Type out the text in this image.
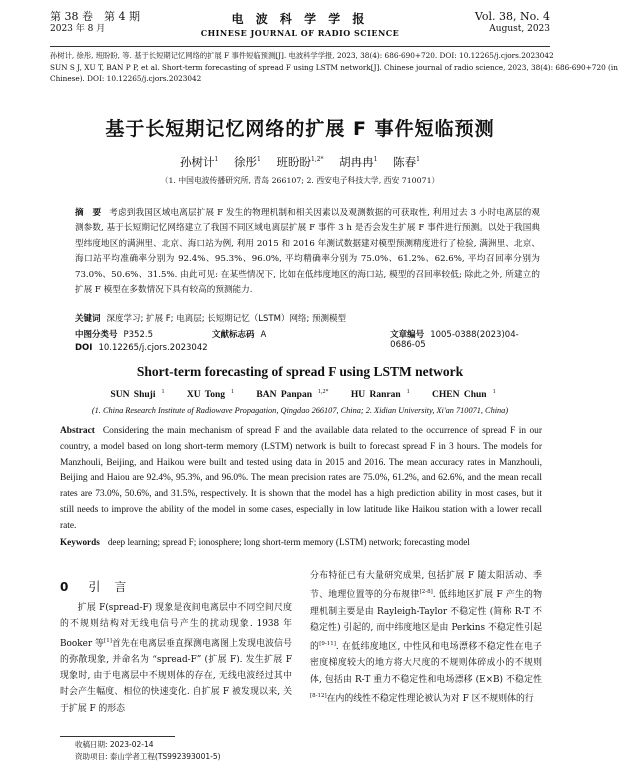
第 38 卷　第 4 期
2023 年 8 月
电 波 科 学 学 报
CHINESE JOURNAL OF RADIO SCIENCE
Vol. 38, No. 4
August, 2023
孙树计, 徐彤, 班盼盼, 等. 基于长短期记忆网络的扩展 F 事件短临预测[J]. 电波科学学报, 2023, 38(4): 686-690+720. DOI: 10.12265/j.cjors.2023042
SUN S J, XU T, BAN P P, et al. Short-term forecasting of spread F using LSTM network[J]. Chinese journal of radio science, 2023, 38(4): 686-690+720 (in
Chinese). DOI: 10.12265/j.cjors.2023042
基于长短期记忆网络的扩展 F 事件短临预测
孙树计$^1$ 徐彤$^1$ 班盼盼$^{1,2*}$ 胡冉冉$^1$ 陈春$^1$
（1. 中国电波传播研究所, 青岛 266107; 2. 西安电子科技大学, 西安 710071）
摘　要 考虑到我国区域电离层扩展 F 发生的物理机制和相关因素以及观测数据的可获取性, 利用过去 3 小时电离层的观测参数, 基于长短期记忆网络建立了我国不同区域电离层扩展 F 事件 3 h 是否会发生扩展 F 事件进行预测。以处于我国典型纬度地区的满洲里、北京、海口站为例, 利用 2015 和 2016 年测试数据建对模型预测精度进行了检验, 满洲里、北京、海口站平均准确率分别为 92.4%、95.3%、96.0%, 平均精确率分别为 75.0%、61.2%、62.6%, 平均召回率分别为 73.0%、50.6%、31.5%. 由此可见: 在某些情况下, 比如在低纬度地区的海口站, 模型的召回率较低; 除此之外, 所建立的扩展 F 模型在多数情况下具有较高的预测能力.
关键词 深度学习; 扩展 F; 电离层; 长短期记忆（LSTM）网络; 预测模型
中图分类号 P352.5	文献标志码 A	文章编号 1005-0388(2023)04-0686-05
DOI 10.12265/j.cjors.2023042
Short-term forecasting of spread F using LSTM network
SUN Shuji $^1$ XU Tong $^1$ BAN Panpan $^{1,2*}$ HU Ranran $^1$ CHEN Chun $^1$
(1. China Research Institute of Radiowave Propagation, Qingdao 266107, China; 2. Xidian University, Xi'an 710071, China)
Abstract Considering the main mechanism of spread F and the available data related to the occurrence of spread F in our country, a model based on long short-term memory (LSTM) network is built to forecast spread F in 3 hours. The models for Manzhouli, Beijing, and Haikou were built and tested using data in 2015 and 2016. The mean accuracy rates in Manzhouli, Beijing and Haiou are 92.4%, 95.3%, and 96.0%. The mean precision rates are 75.0%, 61.2%, and 62.6%, and the mean recall rates are 73.0%, 50.6%, and 31.5%, respectively. It is shown that the model has a high prediction ability in most cases, but it still needs to improve the ability of the model in some cases, especially in low latitude like Haikou station with a lower recall rate.
Keywords deep learning; spread F; ionosphere; long short-term memory (LSTM) network; forecasting model
0 引言
扩展 F(spread-F) 现象是夜间电离层中不同空间尺度的不规则结构对无线电信号产生的扰动现象. 1938 年 Booker 等[1]首先在电离层垂直探测电离图上发现电波信号的弥散现象, 并命名为 “spread-F” (扩展 F). 发生扩展 F 现象时, 由于电离层中不规则体的存在, 无线电波经过其中时会产生幅度、相位的快速变化. 自扩展 F 被发现以来, 关于扩展 F 的形态
分布特征已有大量研究成果, 包括扩展 F 随太阳活动、季节、地理位置等的分布规律[2-8]. 低纬地区扩展 F 产生的物理机制主要是由 Rayleigh-Taylor 不稳定性 (简称 R-T 不稳定性) 引起的, 而中纬度地区是由 Perkins 不稳定性引起的[9-11]. 在低纬度地区, 中性风和电场漂移不稳定性在电子密度梯度较大的地方将大尺度的不规则体碎成小的不规则体, 包括由 R-T 重力不稳定性和电场漂移 (E×B) 不稳定性[8-12]在内的线性不稳定性理论被认为对 F 区不规则体的行
收稿日期: 2023-02-14
资助项目: 泰山学者工程(TS992393001-5)
